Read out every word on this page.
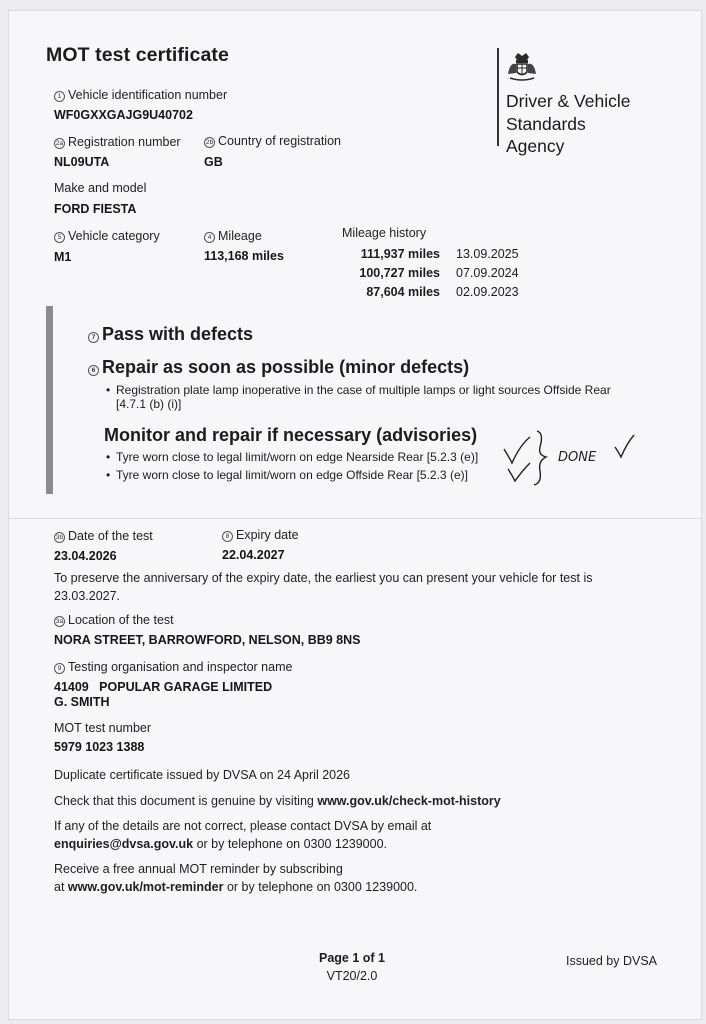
MOT test certificate
Driver & Vehicle
Standards
Agency
1 Vehicle identification number
WF0GXXGAJG9U40702
2a Registration number
NL09UTA
2b Country of registration
GB
Make and model
FORD FIESTA
5 Vehicle category
M1
4 Mileage
113,168 miles
Mileage history
111,937 miles 13.09.2025
100,727 miles 07.09.2024
87,604 miles 02.09.2023
7 Pass with defects
6 Repair as soon as possible (minor defects)
• Registration plate lamp inoperative in the case of multiple lamps or light sources Offside Rear
[4.7.1 (b) (i)]
Monitor and repair if necessary (advisories)
• Tyre worn close to legal limit/worn on edge Nearside Rear [5.2.3 (e)]
• Tyre worn close to legal limit/worn on edge Offside Rear [5.2.3 (e)]
DONE
3b Date of the test
23.04.2026
8 Expiry date
22.04.2027
To preserve the anniversary of the expiry date, the earliest you can present your vehicle for test is
23.03.2027.
3a Location of the test
NORA STREET, BARROWFORD, NELSON, BB9 8NS
9 Testing organisation and inspector name
41409   POPULAR GARAGE LIMITED
G. SMITH
MOT test number
5979 1023 1388
Duplicate certificate issued by DVSA on 24 April 2026
Check that this document is genuine by visiting www.gov.uk/check-mot-history
If any of the details are not correct, please contact DVSA by email at
enquiries@dvsa.gov.uk or by telephone on 0300 1239000.
Receive a free annual MOT reminder by subscribing
at www.gov.uk/mot-reminder or by telephone on 0300 1239000.
Page 1 of 1
VT20/2.0
Issued by DVSA
